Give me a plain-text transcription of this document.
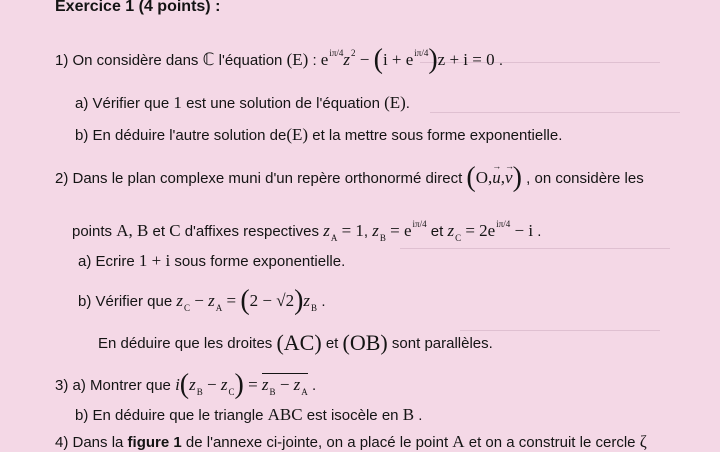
Exercice 1 (4 points) :
1) On considère dans ℂ l'équation (E) : $e^{i\pi/4}z^2 - (i + e^{i\pi/4})z + i = 0$ .
a) Vérifier que 1 est une solution de l'équation (E).
b) En déduire l'autre solution de(E) et la mettre sous forme exponentielle.
2) Dans le plan complexe muni d'un repère orthonormé direct (O,→ u,→ v) , on considère les
points A, B et C d'affixes respectives $z_A = 1$, $z_B = e^{i\pi/4}$ et $z_C = 2e^{i\pi/4} - i$ .
a) Ecrire 1 + i sous forme exponentielle.
b) Vérifier que $z_C - z_A = (2 - √2)z_B$ .
En déduire que les droites (AC) et (OB) sont parallèles.
3) a) Montrer que $i(z_B - z_C) = z_B - z_A$ .
b) En déduire que le triangle ABC est isocèle en B .
4) Dans la figure 1 de l'annexe ci-jointe, on a placé le point A et on a construit le cercle ζ
